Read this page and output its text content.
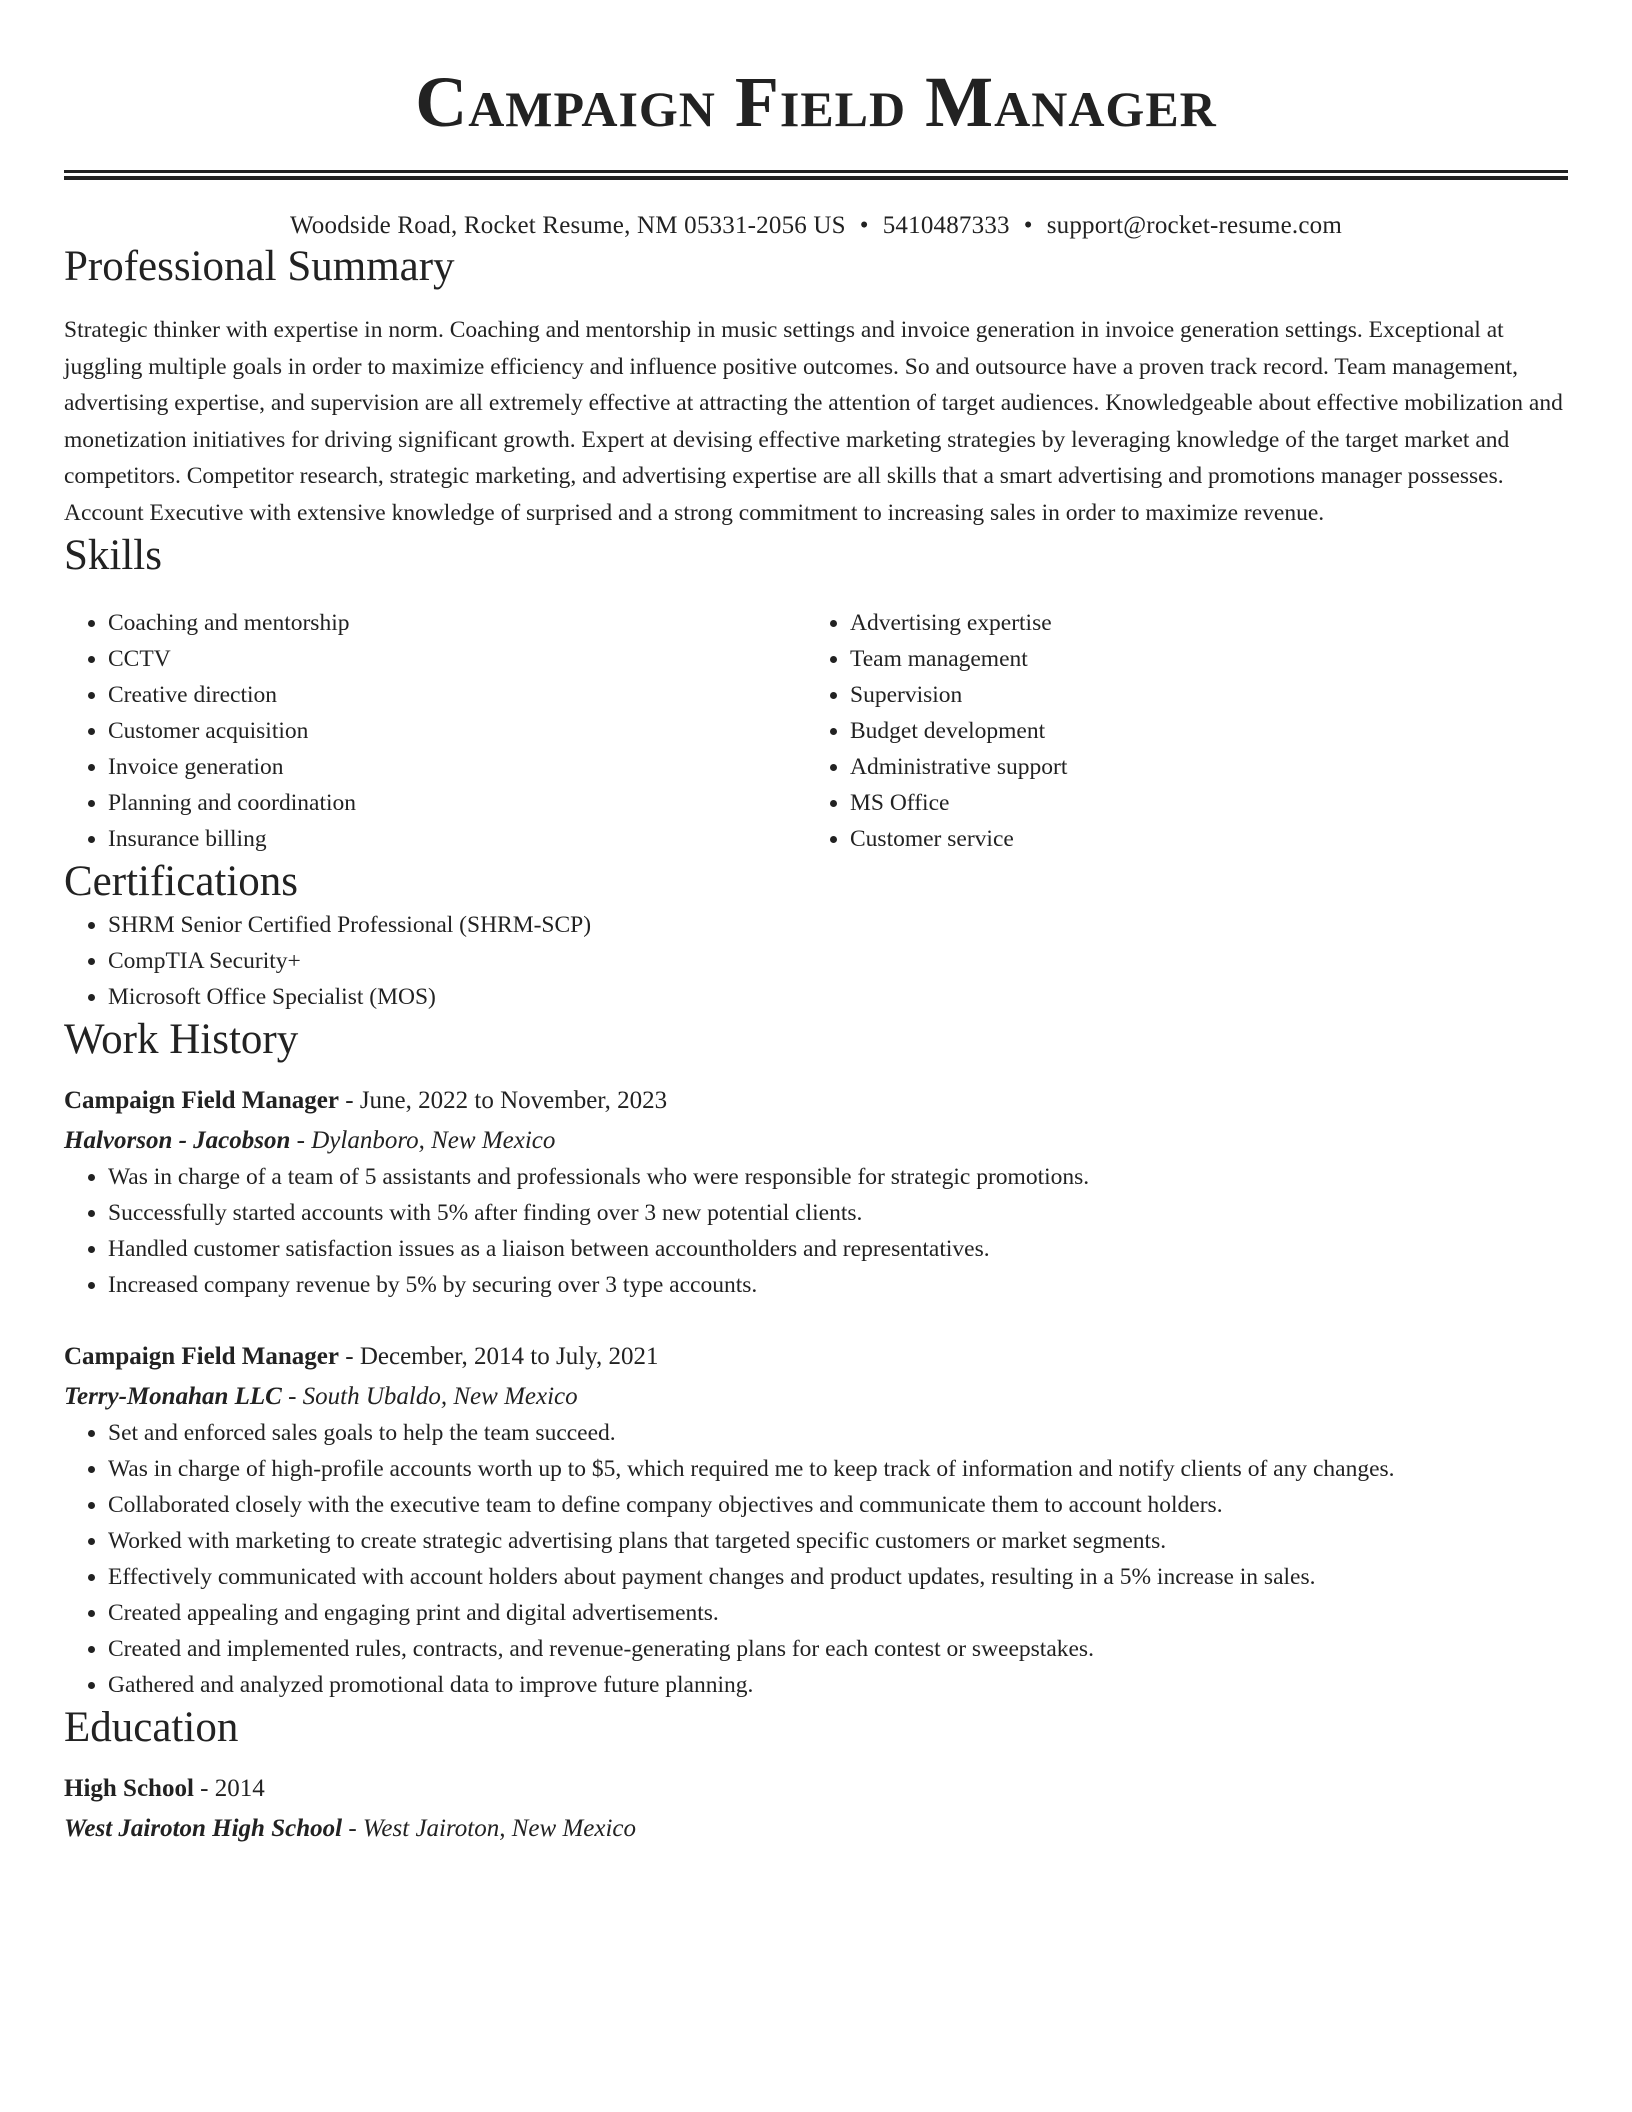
Campaign Field Manager
Woodside Road, Rocket Resume, NM 05331-2056 US • 5410487333 • support@rocket-resume.com
Professional Summary

Strategic thinker with expertise in norm. Coaching and mentorship in music settings and invoice generation in invoice generation settings. Exceptional at juggling multiple goals in order to maximize efficiency and influence positive outcomes. So and outsource have a proven track record. Team management, advertising expertise, and supervision are all extremely effective at attracting the attention of target audiences. Knowledgeable about effective mobilization and monetization initiatives for driving significant growth. Expert at devising effective marketing strategies by leveraging knowledge of the target market and competitors. Competitor research, strategic marketing, and advertising expertise are all skills that a smart advertising and promotions manager possesses. Account Executive with extensive knowledge of surprised and a strong commitment to increasing sales in order to maximize revenue.

Skills
• Coaching and mentorship
• CCTV
• Creative direction
• Customer acquisition
• Invoice generation
• Planning and coordination
• Insurance billing
• Advertising expertise
• Team management
• Supervision
• Budget development
• Administrative support
• MS Office
• Customer service
Certifications
• SHRM Senior Certified Professional (SHRM-SCP)
• CompTIA Security+
• Microsoft Office Specialist (MOS)
Work History
Campaign Field Manager - June, 2022 to November, 2023
Halvorson - Jacobson - Dylanboro, New Mexico
• Was in charge of a team of 5 assistants and professionals who were responsible for strategic promotions.
• Successfully started accounts with 5% after finding over 3 new potential clients.
• Handled customer satisfaction issues as a liaison between accountholders and representatives.
• Increased company revenue by 5% by securing over 3 type accounts.
Campaign Field Manager - December, 2014 to July, 2021
Terry-Monahan LLC - South Ubaldo, New Mexico
• Set and enforced sales goals to help the team succeed.
• Was in charge of high-profile accounts worth up to $5, which required me to keep track of information and notify clients of any changes.
• Collaborated closely with the executive team to define company objectives and communicate them to account holders.
• Worked with marketing to create strategic advertising plans that targeted specific customers or market segments.
• Effectively communicated with account holders about payment changes and product updates, resulting in a 5% increase in sales.
• Created appealing and engaging print and digital advertisements.
• Created and implemented rules, contracts, and revenue-generating plans for each contest or sweepstakes.
• Gathered and analyzed promotional data to improve future planning.
Education
High School - 2014
West Jairoton High School - West Jairoton, New Mexico
